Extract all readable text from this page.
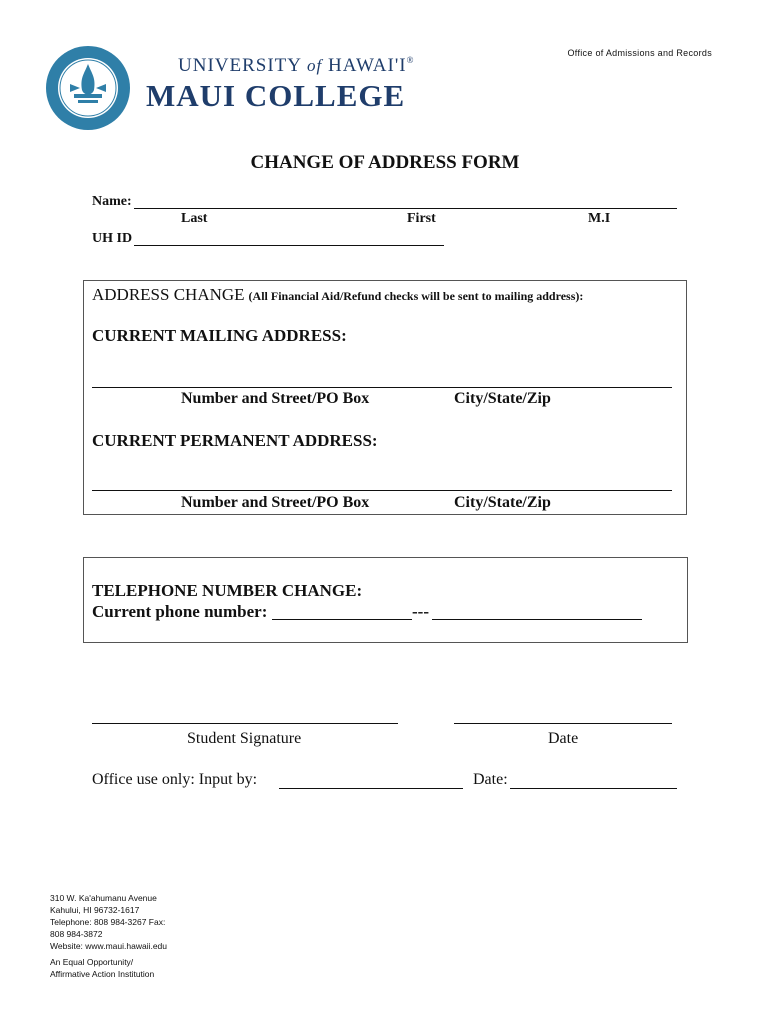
UNIVERSITY of HAWAI'I®
MAUI COLLEGE
Office of Admissions and Records
CHANGE OF ADDRESS FORM
Name:
Last	First	M.I
UH ID
ADDRESS CHANGE (All Financial Aid/Refund checks will be sent to mailing address):
CURRENT MAILING ADDRESS:
Number and Street/PO Box	City/State/Zip
CURRENT PERMANENT ADDRESS:
Number and Street/PO Box	City/State/Zip
TELEPHONE NUMBER CHANGE:
Current phone number:	---
Student Signature	Date
Office use only: Input by:	Date:
310 W. Ka'ahumanu Avenue
Kahului, HI 96732-1617
Telephone: 808 984-3267 Fax:
808 984-3872
Website: www.maui.hawaii.edu
An Equal Opportunity/
Affirmative Action Institution
